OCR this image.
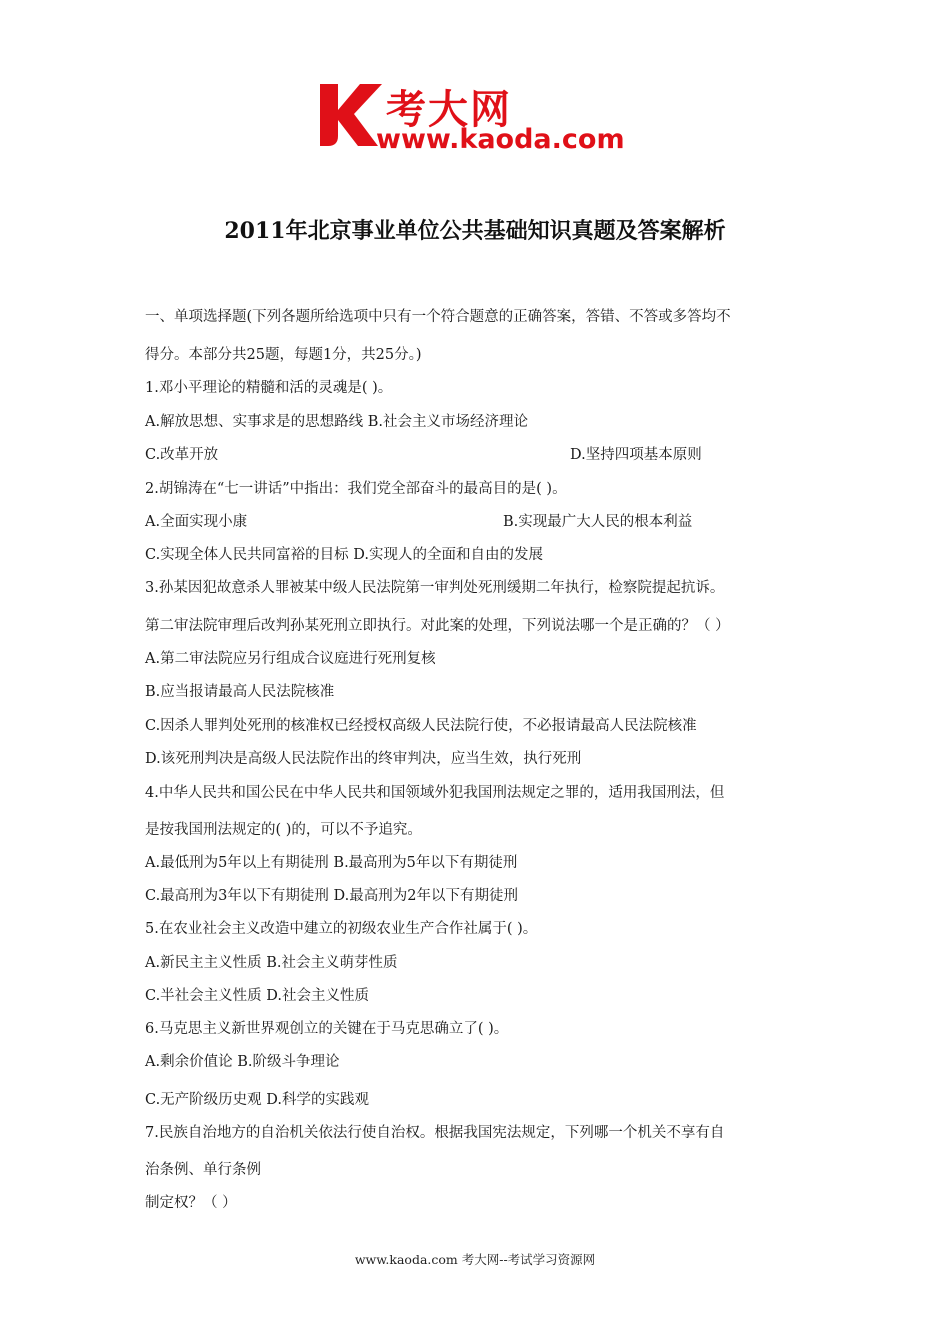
考大网
www.kaoda.com
2011年北京事业单位公共基础知识真题及答案解析
一、单项选择题(下列各题所给选项中只有一个符合题意的正确答案，答错、不答或多答均不
得分。本部分共25题，每题1分，共25分。)
1.邓小平理论的精髓和活的灵魂是( )。
A.解放思想、实事求是的思想路线 B.社会主义市场经济理论
C.改革开放	D.坚持四项基本原则
2.胡锦涛在“七一讲话”中指出：我们党全部奋斗的最高目的是( )。
A.全面实现小康	B.实现最广大人民的根本利益
C.实现全体人民共同富裕的目标 D.实现人的全面和自由的发展
3.孙某因犯故意杀人罪被某中级人民法院第一审判处死刑缓期二年执行，检察院提起抗诉。
第二审法院审理后改判孙某死刑立即执行。对此案的处理，下列说法哪一个是正确的？（ ）
A.第二审法院应另行组成合议庭进行死刑复核
B.应当报请最高人民法院核准
C.因杀人罪判处死刑的核准权已经授权高级人民法院行使，不必报请最高人民法院核准
D.该死刑判决是高级人民法院作出的终审判决，应当生效，执行死刑
4.中华人民共和国公民在中华人民共和国领域外犯我国刑法规定之罪的，适用我国刑法，但
是按我国刑法规定的( )的，可以不予追究。
A.最低刑为5年以上有期徒刑 B.最高刑为5年以下有期徒刑
C.最高刑为3年以下有期徒刑 D.最高刑为2年以下有期徒刑
5.在农业社会主义改造中建立的初级农业生产合作社属于( )。
A.新民主主义性质 B.社会主义萌芽性质
C.半社会主义性质 D.社会主义性质
6.马克思主义新世界观创立的关键在于马克思确立了( )。
A.剩余价值论 B.阶级斗争理论
C.无产阶级历史观 D.科学的实践观
7.民族自治地方的自治机关依法行使自治权。根据我国宪法规定，下列哪一个机关不享有自
治条例、单行条例
制定权？（ ）
www.kaoda.com 考大网--考试学习资源网
